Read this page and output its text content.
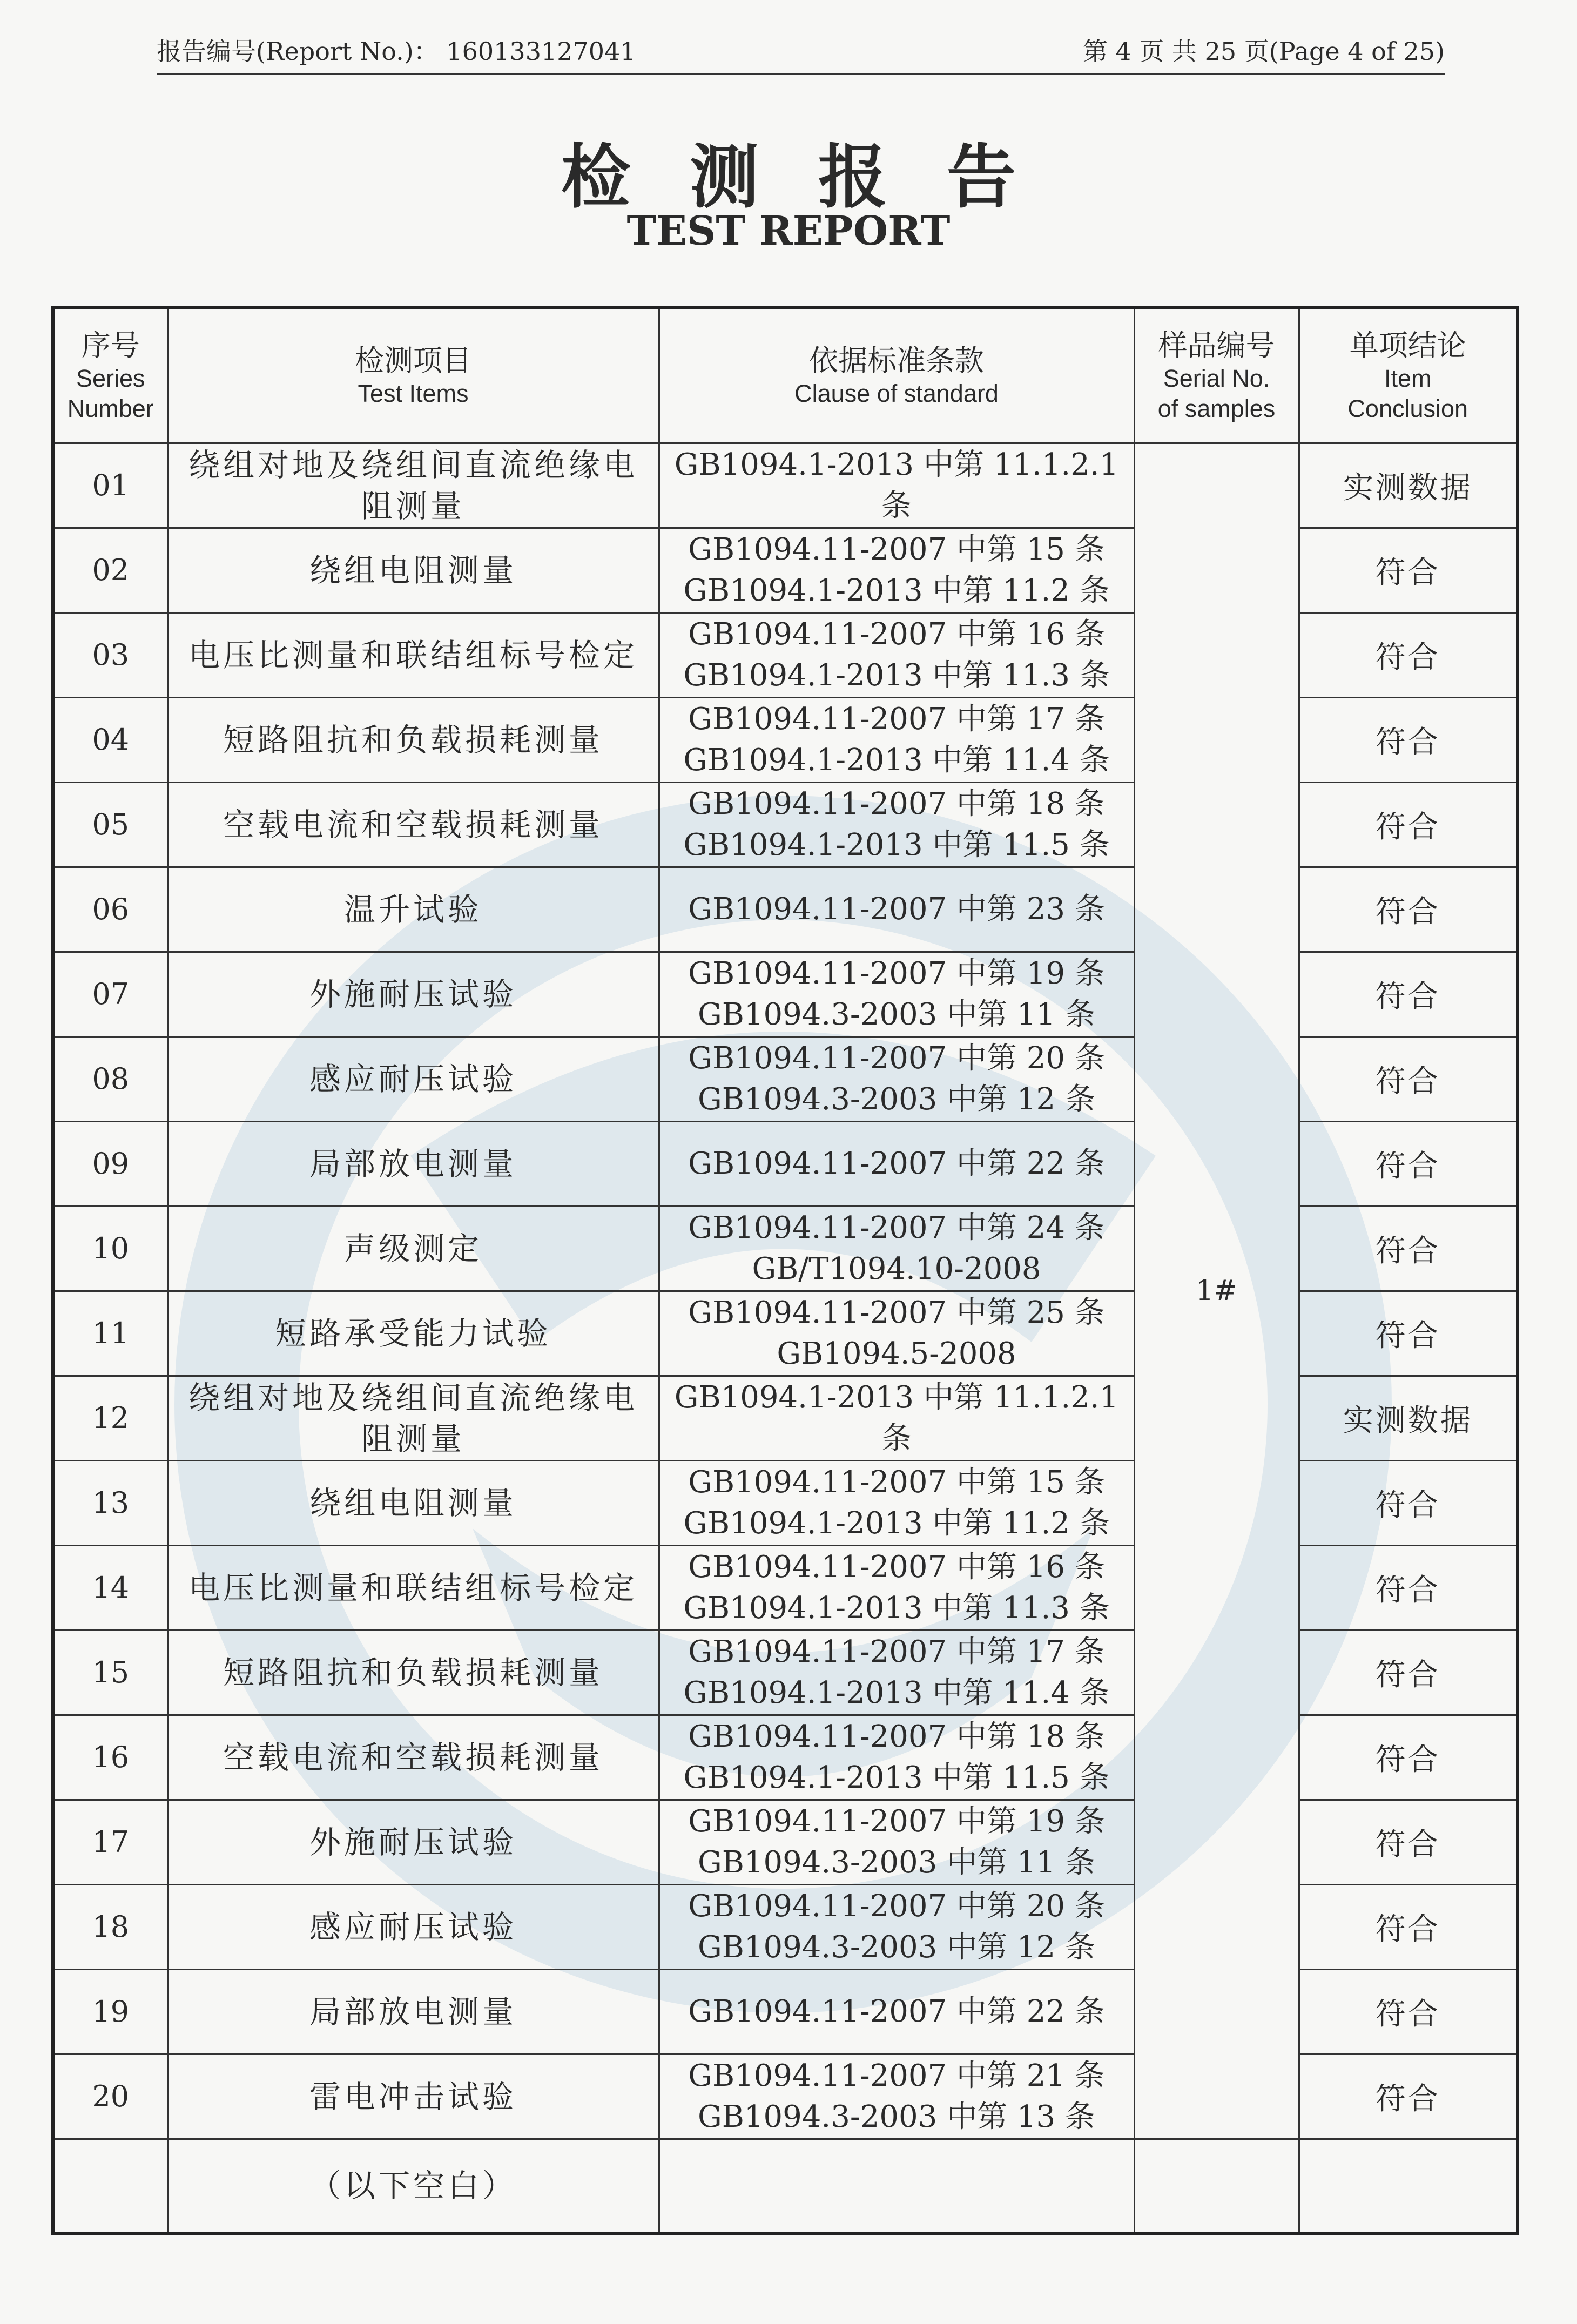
报告编号(Report No.)： 160133127041	第 4 页 共 25 页(Page 4 of 25)
检测报告
TEST REPORT
序号
Series
Number	检测项目
Test Items	依据标准条款
Clause of standard	样品编号
Serial No.
of samples	单项结论
Item
Conclusion

01	绕组对地及绕组间直流绝缘电阻测量	GB1094.1-2013 中第 11.1.2.1 条	1#	实测数据
02	绕组电阻测量	GB1094.11-2007 中第 15 条
GB1094.1-2013 中第 11.2 条		符合
03	电压比测量和联结组标号检定	GB1094.11-2007 中第 16 条
GB1094.1-2013 中第 11.3 条		符合
04	短路阻抗和负载损耗测量	GB1094.11-2007 中第 17 条
GB1094.1-2013 中第 11.4 条		符合
05	空载电流和空载损耗测量	GB1094.11-2007 中第 18 条
GB1094.1-2013 中第 11.5 条		符合
06	温升试验	GB1094.11-2007 中第 23 条		符合
07	外施耐压试验	GB1094.11-2007 中第 19 条
GB1094.3-2003 中第 11 条		符合
08	感应耐压试验	GB1094.11-2007 中第 20 条
GB1094.3-2003 中第 12 条		符合
09	局部放电测量	GB1094.11-2007 中第 22 条		符合
10	声级测定	GB1094.11-2007 中第 24 条
GB/T1094.10-2008		符合
11	短路承受能力试验	GB1094.11-2007 中第 25 条
GB1094.5-2008		符合
12	绕组对地及绕组间直流绝缘电阻测量	GB1094.1-2013 中第 11.1.2.1 条		实测数据
13	绕组电阻测量	GB1094.11-2007 中第 15 条
GB1094.1-2013 中第 11.2 条		符合
14	电压比测量和联结组标号检定	GB1094.11-2007 中第 16 条
GB1094.1-2013 中第 11.3 条		符合
15	短路阻抗和负载损耗测量	GB1094.11-2007 中第 17 条
GB1094.1-2013 中第 11.4 条		符合
16	空载电流和空载损耗测量	GB1094.11-2007 中第 18 条
GB1094.1-2013 中第 11.5 条		符合
17	外施耐压试验	GB1094.11-2007 中第 19 条
GB1094.3-2003 中第 11 条		符合
18	感应耐压试验	GB1094.11-2007 中第 20 条
GB1094.3-2003 中第 12 条		符合
19	局部放电测量	GB1094.11-2007 中第 22 条		符合
20	雷电冲击试验	GB1094.11-2007 中第 21 条
GB1094.3-2003 中第 13 条		符合
	（以下空白）			
